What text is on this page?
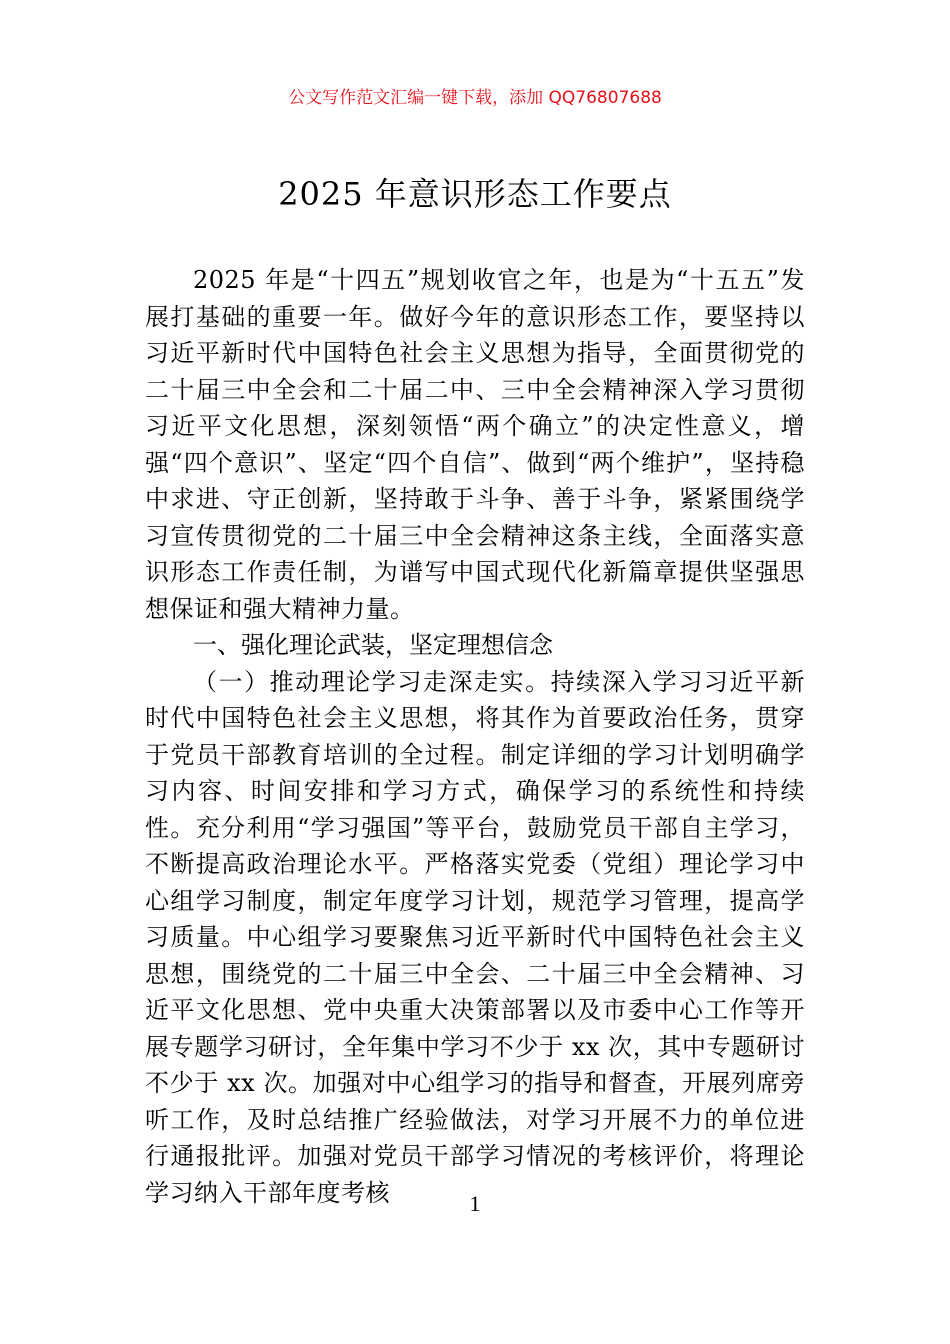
公文写作范文汇编一键下载，添加 QQ76807688
2025 年意识形态工作要点

2025 年是“十四五”规划收官之年，也是为“十五五”发展打基础的重要一年。做好今年的意识形态工作，要坚持以习近平新时代中国特色社会主义思想为指导，全面贯彻党的二十届三中全会和二十届二中、三中全会精神深入学习贯彻习近平文化思想，深刻领悟“两个确立”的决定性意义，增强“四个意识”、坚定“四个自信”、做到“两个维护”，坚持稳中求进、守正创新，坚持敢于斗争、善于斗争，紧紧围绕学习宣传贯彻党的二十届三中全会精神这条主线，全面落实意识形态工作责任制，为谱写中国式现代化新篇章提供坚强思想保证和强大精神力量。

一、强化理论武装，坚定理想信念

（一）推动理论学习走深走实。持续深入学习习近平新时代中国特色社会主义思想，将其作为首要政治任务，贯穿于党员干部教育培训的全过程。制定详细的学习计划明确学习内容、时间安排和学习方式，确保学习的系统性和持续性。充分利用“学习强国”等平台，鼓励党员干部自主学习，不断提高政治理论水平。严格落实党委（党组）理论学习中心组学习制度，制定年度学习计划，规范学习管理，提高学习质量。中心组学习要聚焦习近平新时代中国特色社会主义思想，围绕党的二十届三中全会、二十届三中全会精神、习近平文化思想、党中央重大决策部署以及市委中心工作等开展专题学习研讨，全年集中学习不少于 xx 次，其中专题研讨不少于 xx 次。加强对中心组学习的指导和督查，开展列席旁听工作，及时总结推广经验做法，对学习开展不力的单位进行通报批评。加强对党员干部学习情况的考核评价，将理论学习纳入干部年度考核	1
